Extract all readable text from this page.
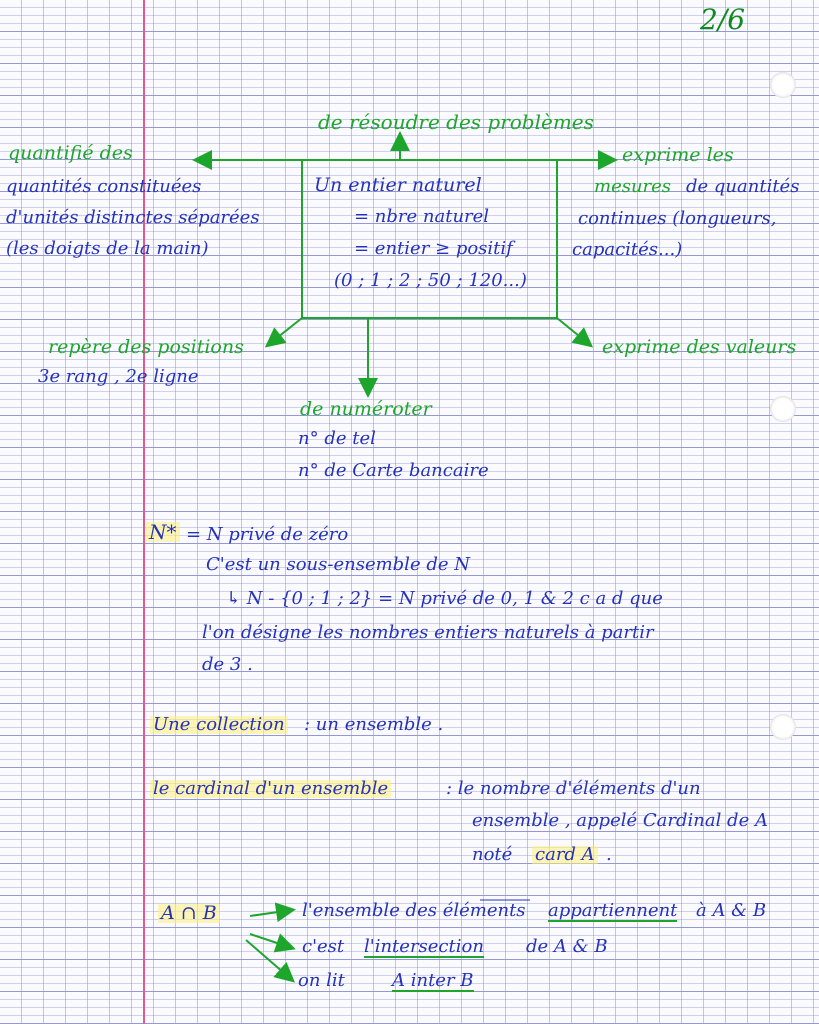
2/6
de résoudre des problèmes
quantifié des
quantités constituées
d'unités distinctes séparées
(les doigts de la main)
Un entier naturel
= nbre naturel
= entier ≥ positif
(0 ; 1 ; 2 ; 50 ; 120...)
exprime les
mesures de quantités
continues (longueurs,
capacités...)
repère des positions
3e rang , 2e ligne
de numéroter
n° de tel
n° de Carte bancaire
exprime des valeurs
N* = N privé de zéro
C'est un sous-ensemble de N
↳ N - {0 ; 1 ; 2} = N privé de 0, 1 & 2 c a d que
l'on désigne les nombres entiers naturels à partir
de 3 .
Une collection : un ensemble .
le cardinal d'un ensemble	: le nombre d'éléments d'un
ensemble , appelé Cardinal de A
noté card A .
A ∩ B	l'ensemble des éléments appartiennent à A & B
c'est l'intersection de A & B
on lit	A inter B
